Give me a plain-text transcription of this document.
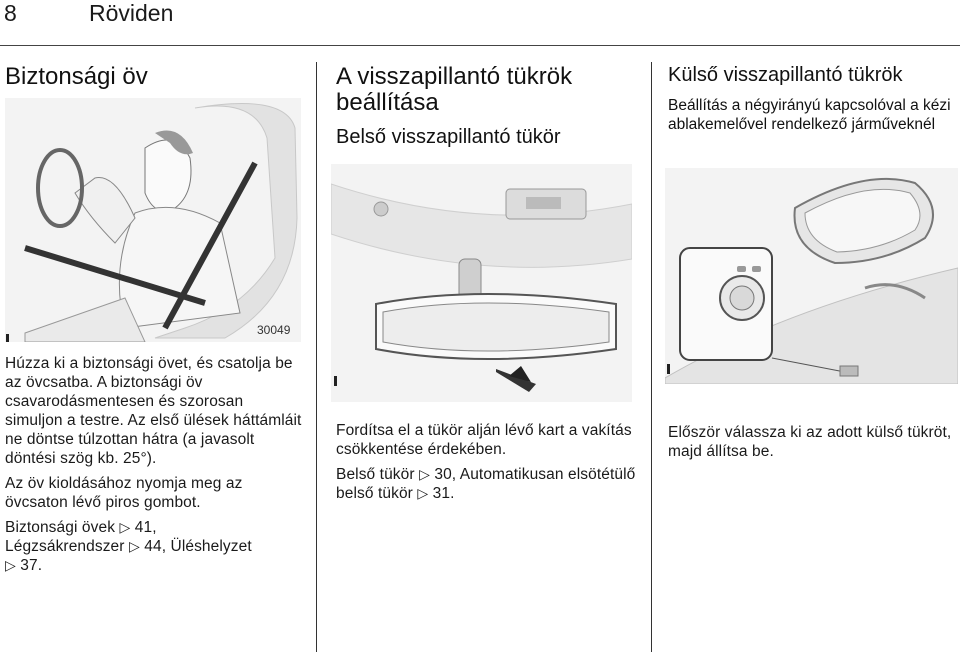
8	Röviden
Biztonsági öv
30049

Húzza ki a biztonsági övet, és csatolja be az övcsatba. A biztonsági öv csavarodásmentesen és szorosan simuljon a testre. Az első ülések háttámláit ne döntse túlzottan hátra (a javasolt döntési szög kb. 25°).

Az öv kioldásához nyomja meg az övcsaton lévő piros gombot.

Biztonsági övek ▷ 41,
Légzsákrendszer ▷ 44, Üléshelyzet
▷ 37.

A visszapillantó tükrök beállítása
Belső visszapillantó tükör

Fordítsa el a tükör alján lévő kart a vakítás csökkentése érdekében.

Belső tükör ▷ 30, Automatikusan elsötétülő belső tükör ▷ 31.

Külső visszapillantó tükrök
Beállítás a négyirányú kapcsolóval a kézi ablakemelővel rendelkező járműveknél

Először válassza ki az adott külső tükröt, majd állítsa be.
